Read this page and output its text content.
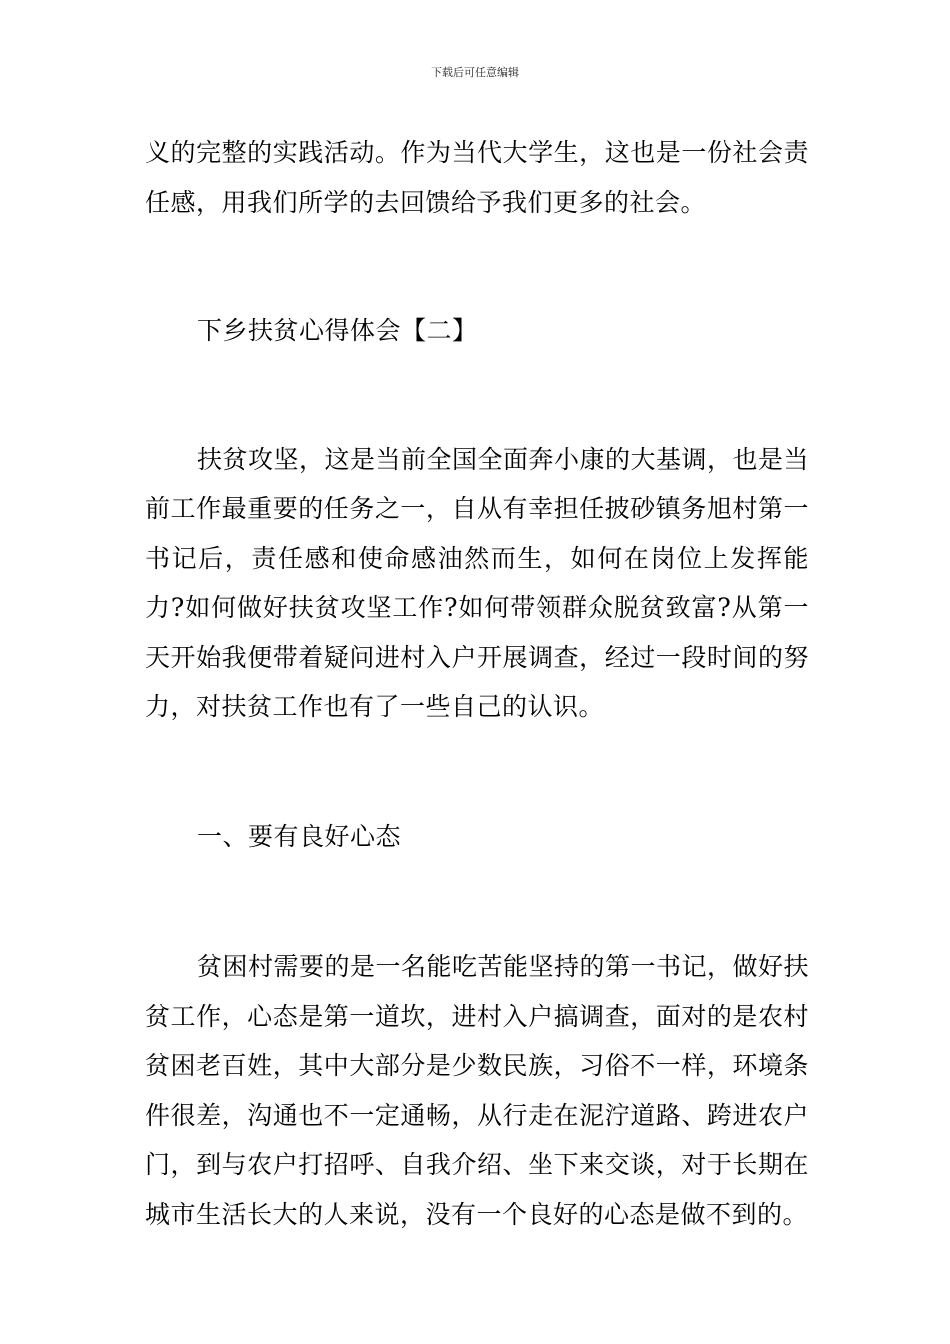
下载后可任意编辑

义的完整的实践活动。作为当代大学生，这也是一份社会责任感，用我们所学的去回馈给予我们更多的社会。

下乡扶贫心得体会【二】

扶贫攻坚，这是当前全国全面奔小康的大基调，也是当前工作最重要的任务之一，自从有幸担任披砂镇务旭村第一书记后，责任感和使命感油然而生，如何在岗位上发挥能力?如何做好扶贫攻坚工作?如何带领群众脱贫致富?从第一天开始我便带着疑问进村入户开展调查，经过一段时间的努力，对扶贫工作也有了一些自己的认识。

一、要有良好心态

贫困村需要的是一名能吃苦能坚持的第一书记，做好扶贫工作，心态是第一道坎，进村入户搞调查，面对的是农村贫困老百姓，其中大部分是少数民族，习俗不一样，环境条件很差，沟通也不一定通畅，从行走在泥泞道路、跨进农户门，到与农户打招呼、自我介绍、坐下来交谈，对于长期在城市生活长大的人来说，没有一个良好的心态是做不到的。
